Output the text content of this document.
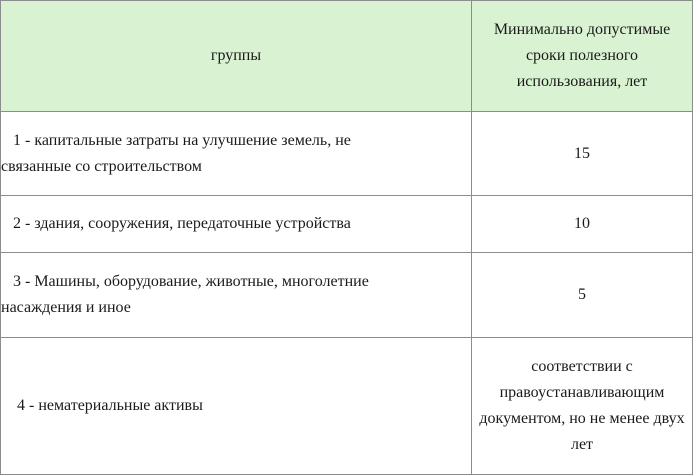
группы	Минимально допустимые сроки полезного использования, лет

1 - капитальные затраты на улучшение земель, не
связанные со строительством	15

2 - здания, сооружения, передаточные устройства	10

3 - Машины, оборудование, животные, многолетние
насаждения и иное	5

4 - нематериальные активы	соответствии с правоустанавливающим документом, но не менее двух лет
